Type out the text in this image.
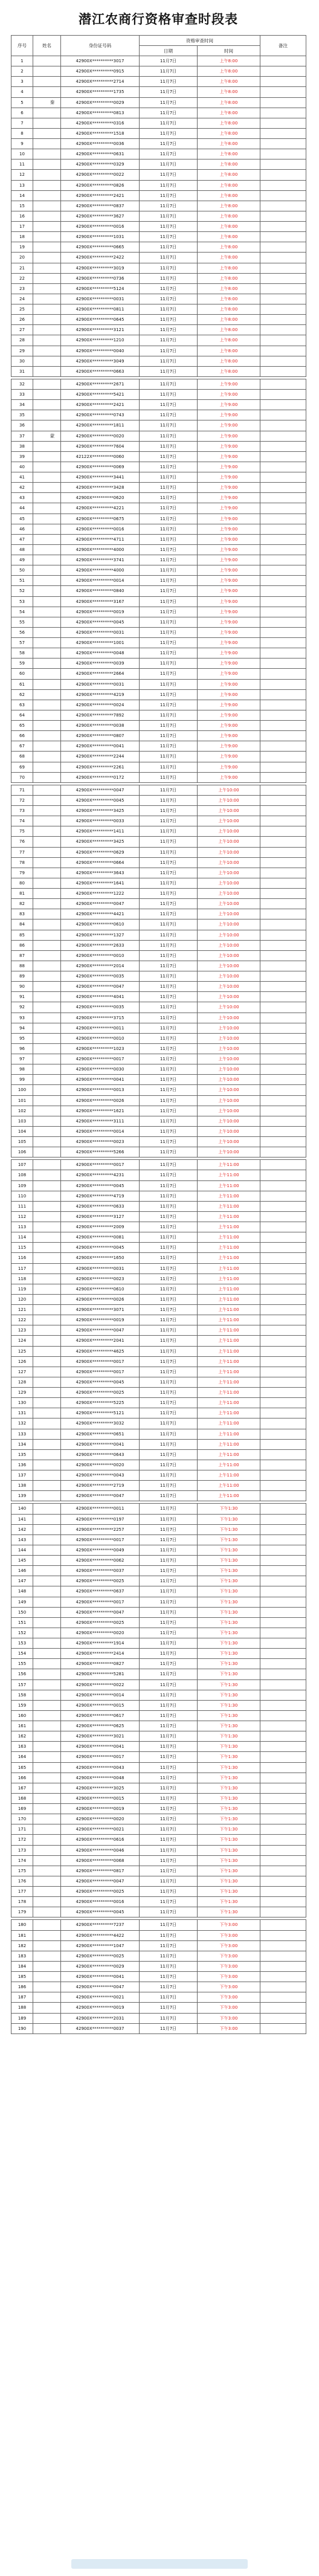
潜江农商行资格审查时段表
序号	姓名	身份证号码	资格审查时间		备注
			日期	时间	
1		42900X**********3017	11月7日	上午8:00	
2		42900X**********0915	11月7日	上午8:00	
3		42900X**********2714	11月7日	上午8:00	
4		42900X**********1735	11月7日	上午8:00	
5	秦	42900X**********0029	11月7日	上午8:00	
6		42900X**********0813	11月7日	上午8:00	
7		42900X**********0316	11月7日	上午8:00	
8		42900X**********1518	11月7日	上午8:00	
9		42900X**********0036	11月7日	上午8:00	
10		42900X**********0631	11月7日	上午8:00	
11		42900X**********0329	11月7日	上午8:00	
12		42900X**********0022	11月7日	上午8:00	
13		42900X**********0826	11月7日	上午8:00	
14		42900X**********2421	11月7日	上午8:00	
15		42900X**********0837	11月7日	上午8:00	
16		42900X**********3627	11月7日	上午8:00	
17		42900X**********0016	11月7日	上午8:00	
18		42900X**********1031	11月7日	上午8:00	
19		42900X**********0665	11月7日	上午8:00	
20		42900X**********2422	11月7日	上午8:00	
21		42900X**********3019	11月7日	上午8:00	
22		42900X**********0736	11月7日	上午8:00	
23		42900X**********5124	11月7日	上午8:00	
24		42900X**********0031	11月7日	上午8:00	
25		42900X**********0811	11月7日	上午8:00	
26		42900X**********0645	11月7日	上午8:00	
27		42900X**********3121	11月7日	上午8:00	
28		42900X**********1210	11月7日	上午8:00	
29		42900X**********0040	11月7日	上午8:00	
30		42900X**********3049	11月7日	上午8:00	
31		42900X**********0663	11月7日	上午8:00	

32		42900X**********2671	11月7日	上午9:00	
33		42900X**********5421	11月7日	上午9:00	
34		42900X**********2421	11月7日	上午9:00	
35		42900X**********0743	11月7日	上午9:00	
36		42900X**********1811	11月7日	上午9:00	
37	蒙	42900X**********0020	11月7日	上午9:00	
38		42900X**********7604	11月7日	上午9:00	
39		42122X**********0060	11月7日	上午9:00	
40		42900X**********0069	11月7日	上午9:00	
41		42900X**********3441	11月7日	上午9:00	
42		42900X**********3428	11月7日	上午9:00	
43		42900X**********0620	11月7日	上午9:00	
44		42900X**********4221	11月7日	上午9:00	
45		42900X**********0675	11月7日	上午9:00	
46		42900X**********0016	11月7日	上午9:00	
47		42900X**********4711	11月7日	上午9:00	
48		42900X**********4000	11月7日	上午9:00	
49		42900X**********3741	11月7日	上午9:00	
50		42900X**********4000	11月7日	上午9:00	
51		42900X**********0014	11月7日	上午9:00	
52		42900X**********0840	11月7日	上午9:00	
53		42900X**********3167	11月7日	上午9:00	
54		42900X**********0019	11月7日	上午9:00	
55		42900X**********0045	11月7日	上午9:00	
56		42900X**********0031	11月7日	上午9:00	
57		42900X**********1001	11月7日	上午9:00	
58		42900X**********0048	11月7日	上午9:00	
59		42900X**********0039	11月7日	上午9:00	
60		42900X**********2664	11月7日	上午9:00	
61		42900X**********0031	11月7日	上午9:00	
62		42900X**********4219	11月7日	上午9:00	
63		42900X**********0024	11月7日	上午9:00	
64		42900X**********7892	11月7日	上午9:00	
65		42900X**********0038	11月7日	上午9:00	
66		42900X**********0807	11月7日	上午9:00	
67		42900X**********0041	11月7日	上午9:00	
68		42900X**********2244	11月7日	上午9:00	
69		42900X**********2261	11月7日	上午9:00	
70		42900X**********0172	11月7日	上午9:00	

71		42900X**********0047	11月7日	上午10:00	
72		42900X**********0045	11月7日	上午10:00	
73		42900X**********3425	11月7日	上午10:00	
74		42900X**********0033	11月7日	上午10:00	
75		42900X**********1411	11月7日	上午10:00	
76		42900X**********3425	11月7日	上午10:00	
77		42900X**********0629	11月7日	上午10:00	
78		42900X**********0664	11月7日	上午10:00	
79		42900X**********3643	11月7日	上午10:00	
80		42900X**********1641	11月7日	上午10:00	
81		42900X**********1222	11月7日	上午10:00	
82		42900X**********0047	11月7日	上午10:00	
83		42900X**********4421	11月7日	上午10:00	
84		42900X**********0610	11月7日	上午10:00	
85		42900X**********1327	11月7日	上午10:00	
86		42900X**********2633	11月7日	上午10:00	
87		42900X**********0010	11月7日	上午10:00	
88		42900X**********2014	11月7日	上午10:00	
89		42900X**********0035	11月7日	上午10:00	
90		42900X**********0047	11月7日	上午10:00	
91		42900X**********4041	11月7日	上午10:00	
92		42900X**********0035	11月7日	上午10:00	
93		42900X**********3715	11月7日	上午10:00	
94		42900X**********0011	11月7日	上午10:00	
95		42900X**********0010	11月7日	上午10:00	
96		42900X**********1023	11月7日	上午10:00	
97		42900X**********0017	11月7日	上午10:00	
98		42900X**********0030	11月7日	上午10:00	
99		42900X**********0041	11月7日	上午10:00	
100		42900X**********0013	11月7日	上午10:00	
101		42900X**********0026	11月7日	上午10:00	
102		42900X**********1621	11月7日	上午10:00	
103		42900X**********3111	11月7日	上午10:00	
104		42900X**********0014	11月7日	上午10:00	
105		42900X**********0023	11月7日	上午10:00	
106		42900X**********5266	11月7日	上午10:00	

107		42900X**********0017	11月7日	上午11:00	
108		42900X**********4231	11月7日	上午11:00	
109		42900X**********0045	11月7日	上午11:00	
110		42900X**********4719	11月7日	上午11:00	
111		42900X**********0633	11月7日	上午11:00	
112		42900X**********3127	11月7日	上午11:00	
113		42900X**********2009	11月7日	上午11:00	
114		42900X**********0081	11月7日	上午11:00	
115		42900X**********0045	11月7日	上午11:00	
116		42900X**********1650	11月7日	上午11:00	
117		42900X**********0031	11月7日	上午11:00	
118		42900X**********0023	11月7日	上午11:00	
119		42900X**********0610	11月7日	上午11:00	
120		42900X**********0026	11月7日	上午11:00	
121		42900X**********3071	11月7日	上午11:00	
122		42900X**********0019	11月7日	上午11:00	
123		42900X**********0047	11月7日	上午11:00	
124		42900X**********2041	11月7日	上午11:00	
125		42900X**********4625	11月7日	上午11:00	
126		42900X**********0017	11月7日	上午11:00	
127		42900X**********0017	11月7日	上午11:00	
128		42900X**********0045	11月7日	上午11:00	
129		42900X**********0025	11月7日	上午11:00	
130		42900X**********5225	11月7日	上午11:00	
131		42900X**********5121	11月7日	上午11:00	
132		42900X**********3032	11月7日	上午11:00	
133		42900X**********0651	11月7日	上午11:00	
134		42900X**********0041	11月7日	上午11:00	
135		42900X**********0643	11月7日	上午11:00	
136		42900X**********0020	11月7日	上午11:00	
137		42900X**********0043	11月7日	上午11:00	
138		42900X**********2719	11月7日	上午11:00	
139		42900X**********0047	11月7日	上午11:00	

140		42900X**********0011	11月7日	下午1:30	
141		42900X**********0197	11月7日	下午1:30	
142		42900X**********2257	11月7日	下午1:30	
143		42900X**********0017	11月7日	下午1:30	
144		42900X**********0049	11月7日	下午1:30	
145		42900X**********0062	11月7日	下午1:30	
146		42900X**********0037	11月7日	下午1:30	
147		42900X**********0025	11月7日	下午1:30	
148		42900X**********0637	11月7日	下午1:30	
149		42900X**********0017	11月7日	下午1:30	
150		42900X**********0047	11月7日	下午1:30	
151		42900X**********0025	11月7日	下午1:30	
152		42900X**********0020	11月7日	下午1:30	
153		42900X**********1914	11月7日	下午1:30	
154		42900X**********2414	11月7日	下午1:30	
155		42900X**********0827	11月7日	下午1:30	
156		42900X**********5281	11月7日	下午1:30	
157		42900X**********0022	11月7日	下午1:30	
158		42900X**********0014	11月7日	下午1:30	
159		42900X**********0015	11月7日	下午1:30	
160		42900X**********0617	11月7日	下午1:30	
161		42900X**********0625	11月7日	下午1:30	
162		42900X**********3021	11月7日	下午1:30	
163		42900X**********0041	11月7日	下午1:30	
164		42900X**********0017	11月7日	下午1:30	
165		42900X**********0043	11月7日	下午1:30	
166		42900X**********0048	11月7日	下午1:30	
167		42900X**********3025	11月7日	下午1:30	
168		42900X**********0015	11月7日	下午1:30	
169		42900X**********0019	11月7日	下午1:30	
170		42900X**********0020	11月7日	下午1:30	
171		42900X**********0021	11月7日	下午1:30	
172		42900X**********0616	11月7日	下午1:30	
173		42900X**********0046	11月7日	下午1:30	
174		42900X**********0068	11月7日	下午1:30	
175		42900X**********0817	11月7日	下午1:30	
176		42900X**********0047	11月7日	下午1:30	
177		42900X**********0025	11月7日	下午1:30	
178		42900X**********0016	11月7日	下午1:30	
179		42900X**********0045	11月7日	下午1:30	

180		42900X**********7237	11月7日	下午3:00	
181		42900X**********4422	11月7日	下午3:00	
182		42900X**********1047	11月7日	下午3:00	
183		42900X**********0025	11月7日	下午3:00	
184		42900X**********0029	11月7日	下午3:00	
185		42900X**********0041	11月7日	下午3:00	
186		42900X**********0047	11月7日	下午3:00	
187		42900X**********0021	11月7日	下午3:00	
188		42900X**********0019	11月7日	下午3:00	
189		42900X**********2031	11月7日	下午3:00	
190		42900X**********0037	11月7日	下午3:00	
